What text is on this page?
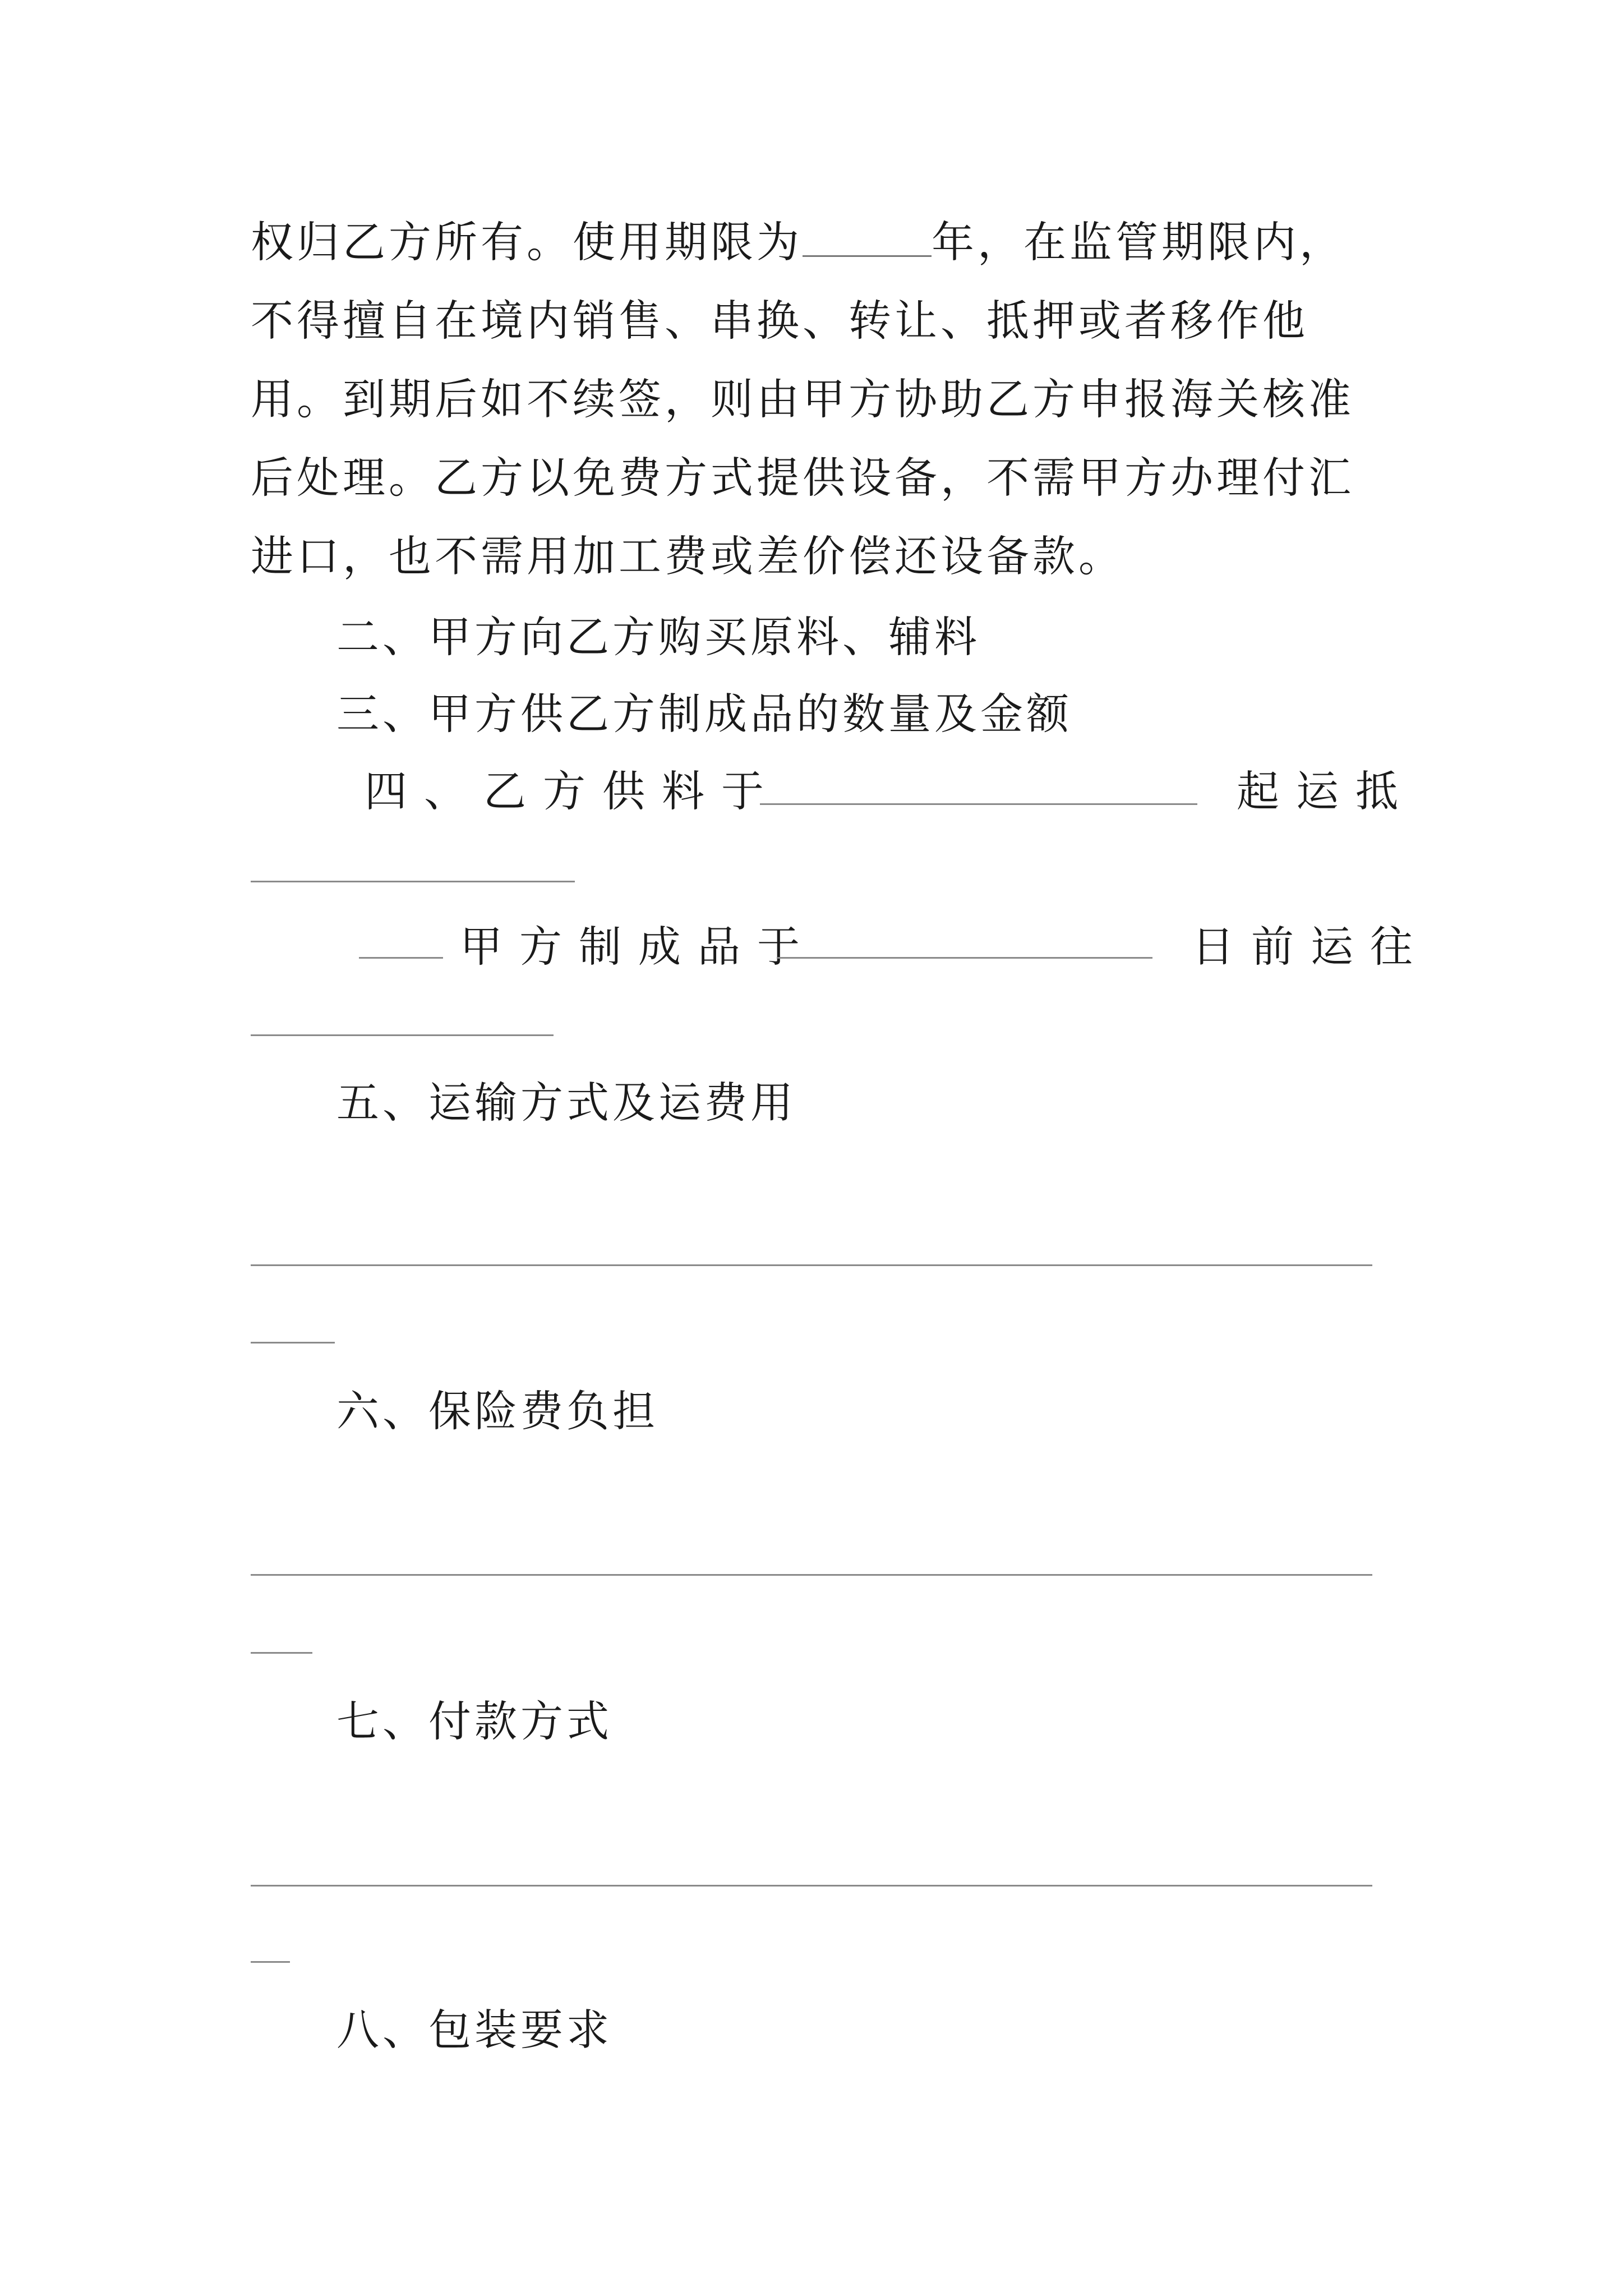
权归乙方所有。使用期限为	年，在监管期限内，不得擅自在境内销售、串换、转让、抵押或者移作他用。到期后如不续签，则由甲方协助乙方申报海关核准后处理。乙方以免费方式提供设备，不需甲方办理付汇进口，也不需用加工费或差价偿还设备款。

二、甲方向乙方购买原料、辅料
三、甲方供乙方制成品的数量及金额
四、乙方供料于	起运抵
甲方制成品于	日前运往
五、运输方式及运费用
六、保险费负担
七、付款方式
八、包装要求
